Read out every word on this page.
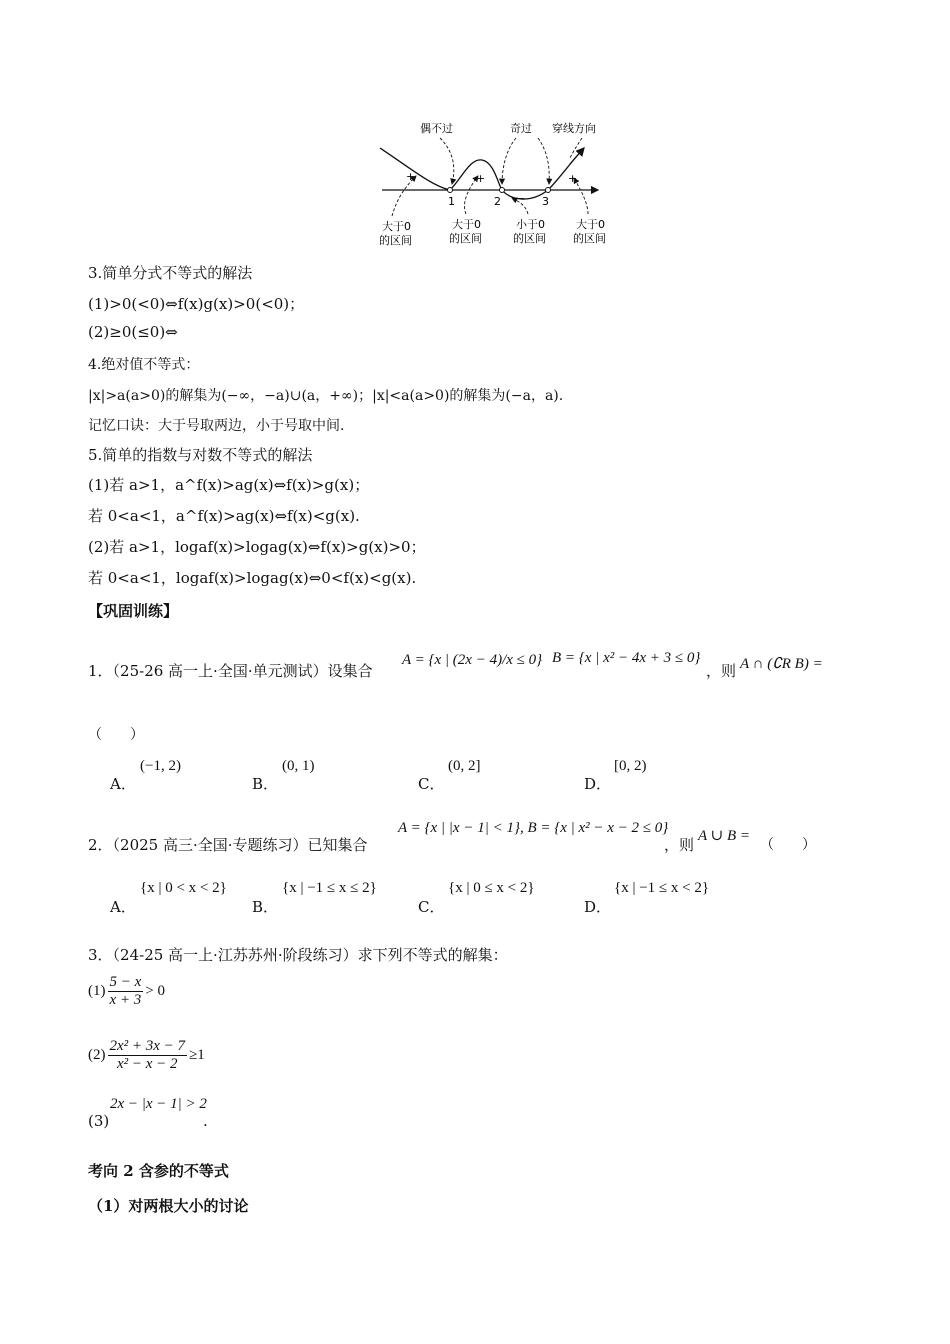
1	2	3
+	+
−
+
偶不过	奇过 穿线方向
大于0
的区间
大于0
的区间
小于0
的区间
大于0
的区间
3.简单分式不等式的解法
(1)>0(<0)⇔f(x)g(x)>0(<0)；
(2)≥0(≤0)⇔
4.绝对值不等式：
|x|>a(a>0)的解集为(−∞，−a)∪(a，+∞)；|x|<a(a>0)的解集为(−a，a).
记忆口诀：大于号取两边，小于号取中间.
5.简单的指数与对数不等式的解法
(1)若 a>1，a^f(x)>ag(x)⇔f(x)>g(x)；
若 0<a<1，a^f(x)>ag(x)⇔f(x)<g(x).
(2)若 a>1，logaf(x)>logag(x)⇔f(x)>g(x)>0；
若 0<a<1，logaf(x)>logag(x)⇔0<f(x)<g(x).
【巩固训练】
1．（25-26 高一上·全国·单元测试）设集合
A = {x | (2x − 4)/x ≤ 0} B = {x | x² − 4x + 3 ≤ 0}
，则 A ∩ (∁R B) =
（　　）
A．
(−1, 2)
B．
(0, 1)
C．
(0, 2]
D．
[0, 2)
2．（2025 高三·全国·专题练习）已知集合
A = {x | |x − 1| < 1}, B = {x | x² − x − 2 ≤ 0}
，则 A ∪ B =
（　　）
A．
{x | 0 < x < 2}
B．
{x | −1 ≤ x ≤ 2}
C．
{x | 0 ≤ x < 2}
D．
{x | −1 ≤ x < 2}
3．（24-25 高一上·江苏苏州·阶段练习）求下列不等式的解集：
$(1) \frac{5 - x}{x + 3} > 0$
$(2) \frac{\text{2x² + 3x − 7}}{\text{x² − x − 2}} \ge 1$
(3)
2x − |x − 1| > 2
.
考向 2 含参的不等式
（1）对两根大小的讨论
